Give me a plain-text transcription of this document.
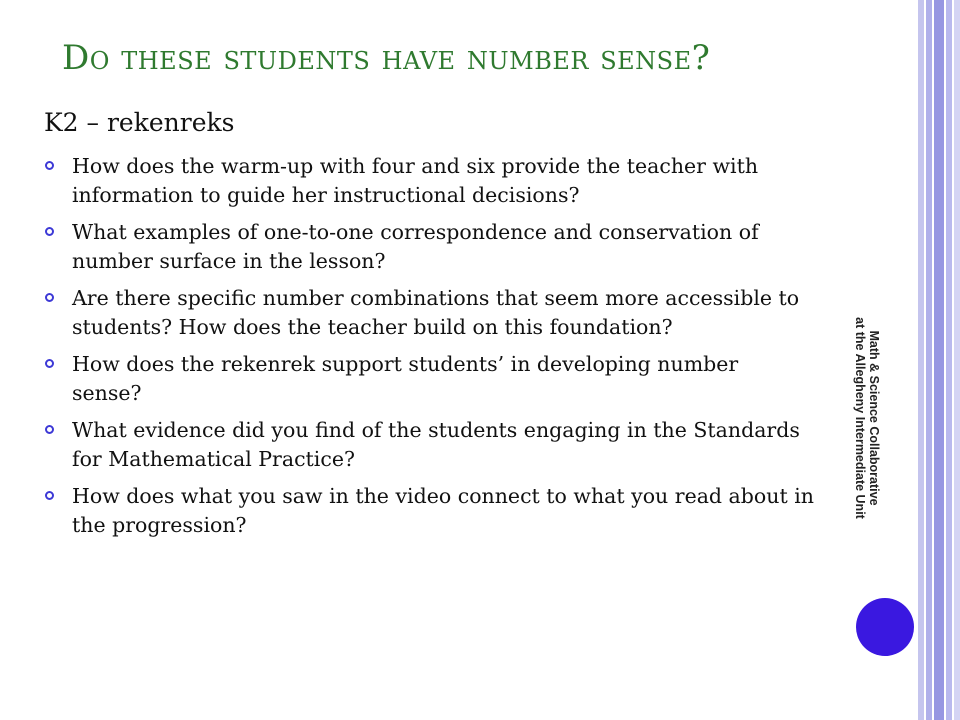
Do these students have number sense?
K2 – rekenreks
How does the warm-up with four and six provide the teacher with information to guide her instructional decisions?
What examples of one-to-one correspondence and conservation of number surface in the lesson?
Are there specific number combinations that seem more accessible to students? How does the teacher build on this foundation?
How does the rekenrek support students’ in developing number sense?
What evidence did you find of the students engaging in the Standards for Mathematical Practice?
How does what you saw in the video connect to what you read about in the progression?
Math & Science Collaborative
at the Allegheny Intermediate Unit
